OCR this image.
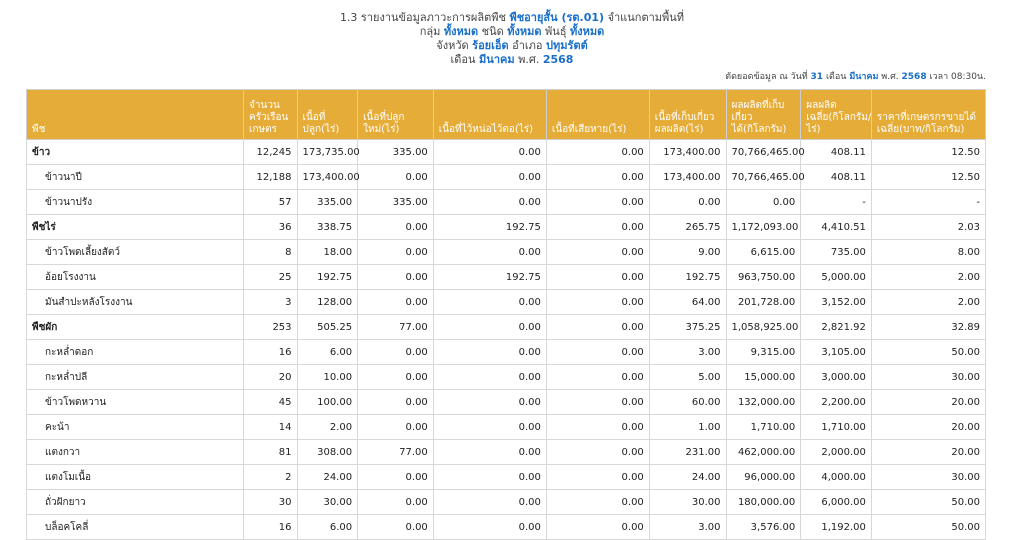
1.3 รายงานข้อมูลภาวะการผลิตพืช พืชอายุสั้น (รต.01) จำแนกตามพื้นที่
กลุ่ม ทั้งหมด ชนิด ทั้งหมด พันธุ์ ทั้งหมด
จังหวัด ร้อยเอ็ด อำเภอ ปทุมรัตต์
เดือน มีนาคม พ.ศ. 2568
ตัดยอดข้อมูล ณ วันที่ 31 เดือน มีนาคม พ.ศ. 2568 เวลา 08:30น.
พืช	จำนวนครัวเรือนเกษตร	เนื้อที่ปลูก(ไร่)	เนื้อที่ปลูกใหม่(ไร่)	เนื้อที่ไว้หน่อไว้ตอ(ไร่)	เนื้อที่เสียหาย(ไร่)	เนื้อที่เก็บเกี่ยวผลผลิต(ไร่)	ผลผลิตที่เก็บเกี่ยวได้(กิโลกรัม)	ผลผลิตเฉลี่ย(กิโลกรัม/ไร่)	ราคาที่เกษตรกรขายได้เฉลี่ย(บาท/กิโลกรัม)
ข้าว	12,245	173,735.00	335.00	0.00	0.00	173,400.00	70,766,465.00	408.11	12.50
ข้าวนาปี	12,188	173,400.00	0.00	0.00	0.00	173,400.00	70,766,465.00	408.11	12.50
ข้าวนาปรัง	57	335.00	335.00	0.00	0.00	0.00	0.00	-	-
พืชไร่	36	338.75	0.00	192.75	0.00	265.75	1,172,093.00	4,410.51	2.03
ข้าวโพดเลี้ยงสัตว์	8	18.00	0.00	0.00	0.00	9.00	6,615.00	735.00	8.00
อ้อยโรงงาน	25	192.75	0.00	192.75	0.00	192.75	963,750.00	5,000.00	2.00
มันสำปะหลังโรงงาน	3	128.00	0.00	0.00	0.00	64.00	201,728.00	3,152.00	2.00
พืชผัก	253	505.25	77.00	0.00	0.00	375.25	1,058,925.00	2,821.92	32.89
กะหล่ำดอก	16	6.00	0.00	0.00	0.00	3.00	9,315.00	3,105.00	50.00
กะหล่ำปลี	20	10.00	0.00	0.00	0.00	5.00	15,000.00	3,000.00	30.00
ข้าวโพดหวาน	45	100.00	0.00	0.00	0.00	60.00	132,000.00	2,200.00	20.00
คะน้า	14	2.00	0.00	0.00	0.00	1.00	1,710.00	1,710.00	20.00
แตงกวา	81	308.00	77.00	0.00	0.00	231.00	462,000.00	2,000.00	20.00
แตงโมเนื้อ	2	24.00	0.00	0.00	0.00	24.00	96,000.00	4,000.00	30.00
ถั่วฝักยาว	30	30.00	0.00	0.00	0.00	30.00	180,000.00	6,000.00	50.00
บล็อคโคลี่	16	6.00	0.00	0.00	0.00	3.00	3,576.00	1,192.00	50.00
